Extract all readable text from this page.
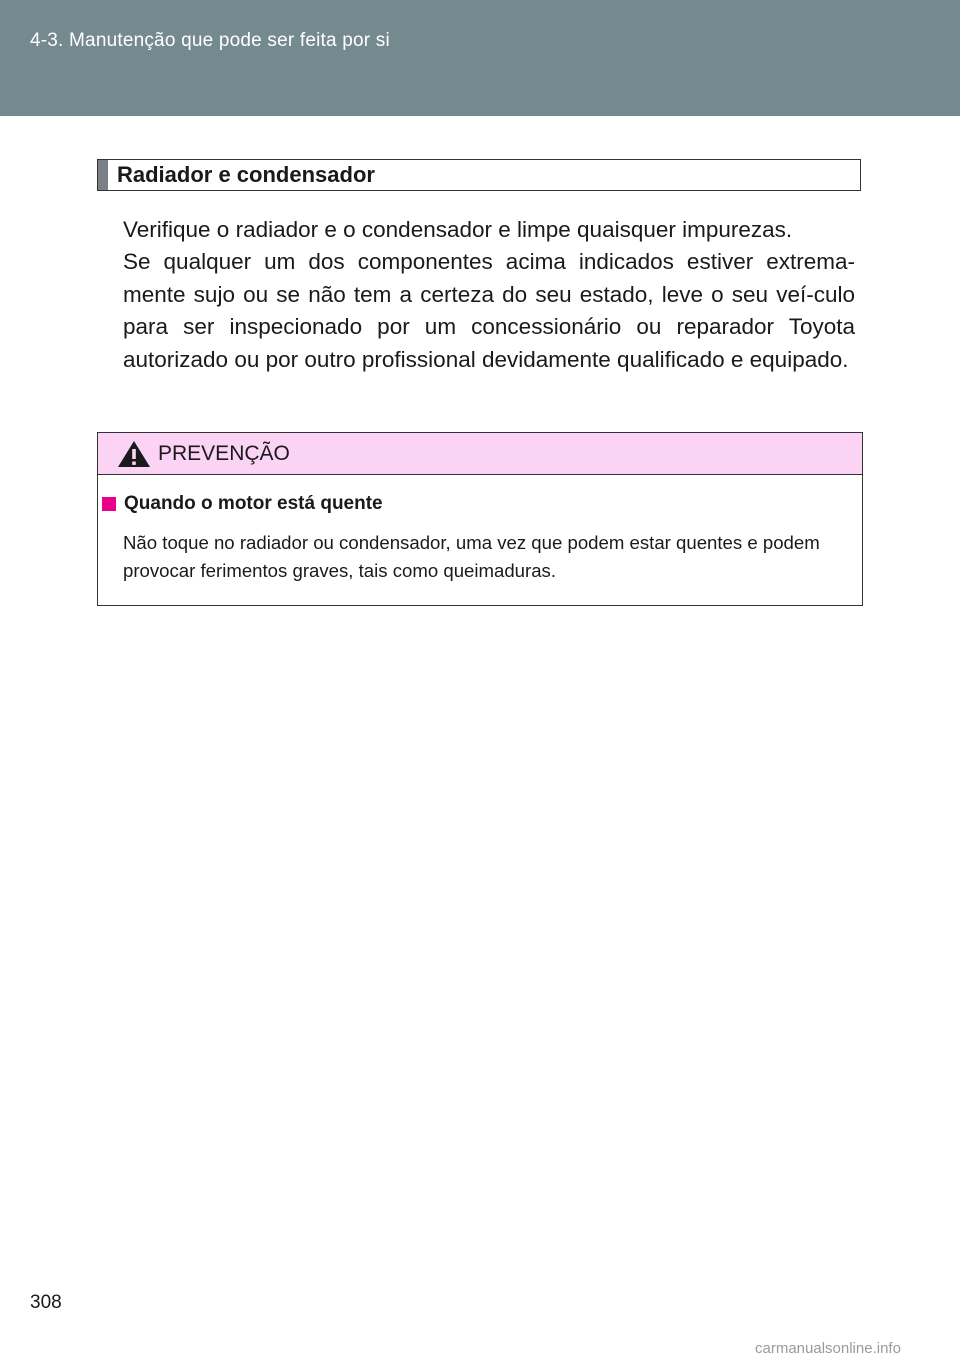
4-3. Manutenção que pode ser feita por si
Radiador e condensador

Verifique o radiador e o condensador e limpe quaisquer impurezas.

Se qualquer um dos componentes acima indicados estiver extrema-mente sujo ou se não tem a certeza do seu estado, leve o seu veí-culo para ser inspecionado por um concessionário ou reparador Toyota autorizado ou por outro profissional devidamente qualificado e equipado.

PREVENÇÃO
Quando o motor está quente
Não toque no radiador ou condensador, uma vez que podem estar quentes e podem provocar ferimentos graves, tais como queimaduras.
308
carmanualsonline.info
